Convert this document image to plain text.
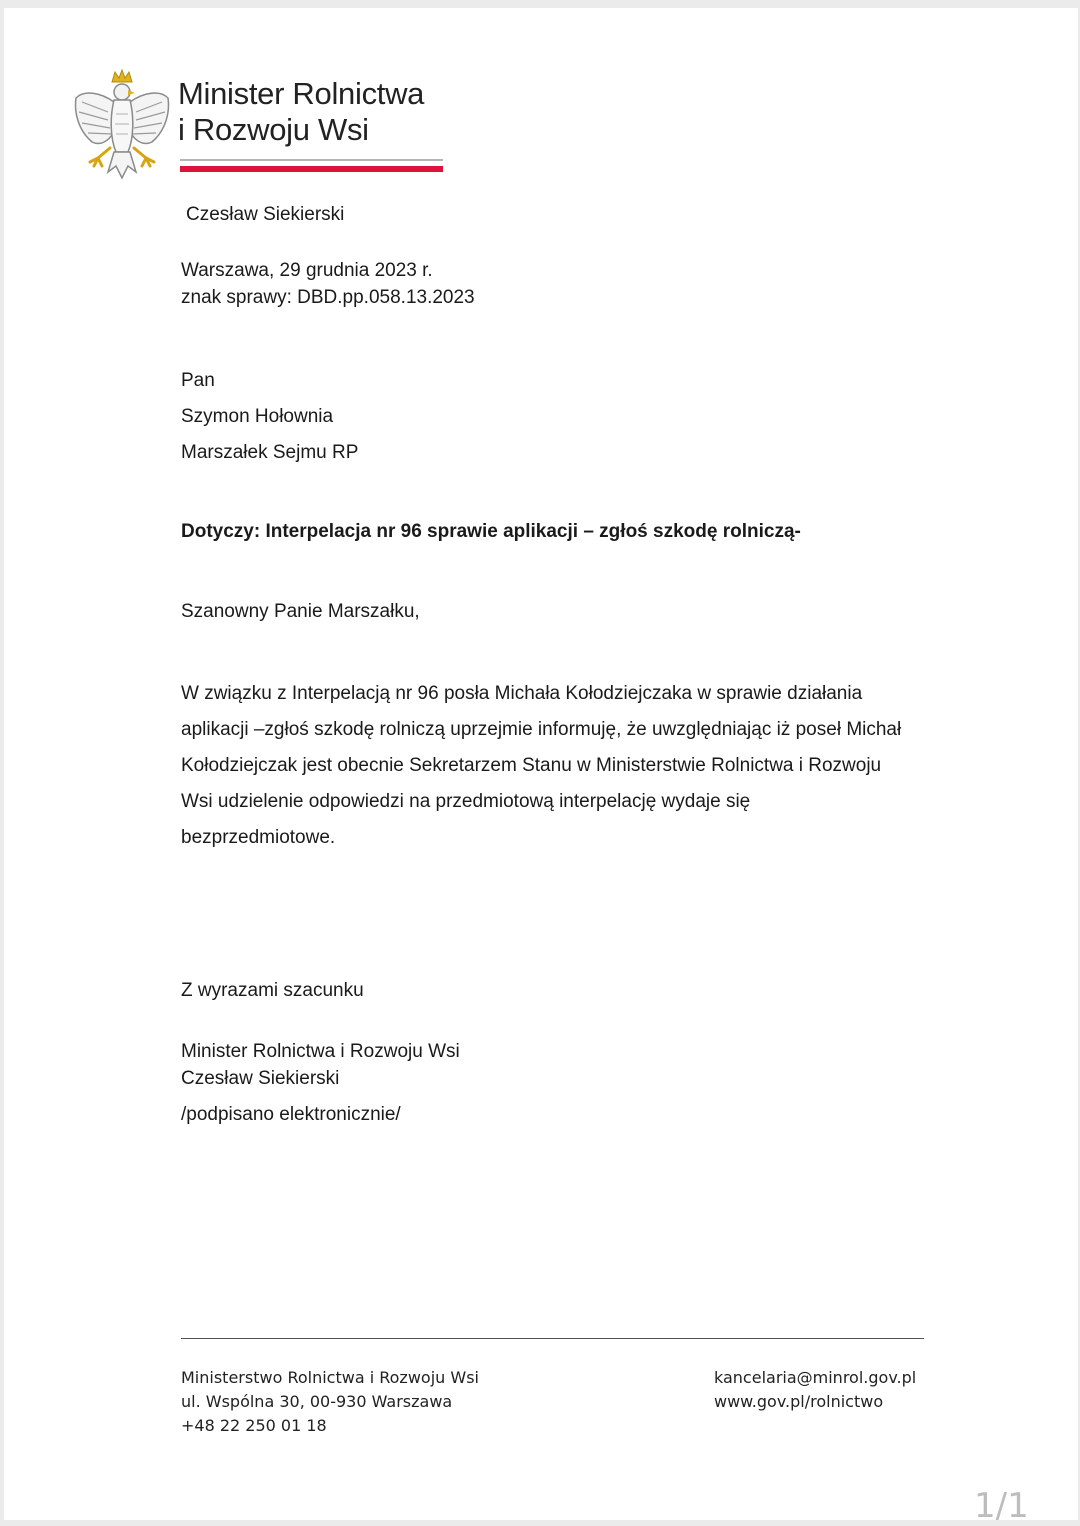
Minister Rolnictwa
i Rozwoju Wsi
Czesław Siekierski
Warszawa, 29 grudnia 2023 r.
znak sprawy: DBD.pp.058.13.2023
Pan
Szymon Hołownia
Marszałek Sejmu RP
Dotyczy: Interpelacja nr 96 sprawie aplikacji – zgłoś szkodę rolniczą-
Szanowny Panie Marszałku,
W związku z Interpelacją nr 96 posła Michała Kołodziejczaka w sprawie działania
aplikacji –zgłoś szkodę rolniczą uprzejmie informuję, że uwzględniając iż poseł Michał
Kołodziejczak jest obecnie Sekretarzem Stanu w Ministerstwie Rolnictwa i Rozwoju
Wsi udzielenie odpowiedzi na przedmiotową interpelację wydaje się
bezprzedmiotowe.
Z wyrazami szacunku
Minister Rolnictwa i Rozwoju Wsi
Czesław Siekierski
/podpisano elektronicznie/
Ministerstwo Rolnictwa i Rozwoju Wsi
ul. Wspólna 30, 00-930 Warszawa
+48 22 250 01 18
kancelaria@minrol.gov.pl
www.gov.pl/rolnictwo
1/1
